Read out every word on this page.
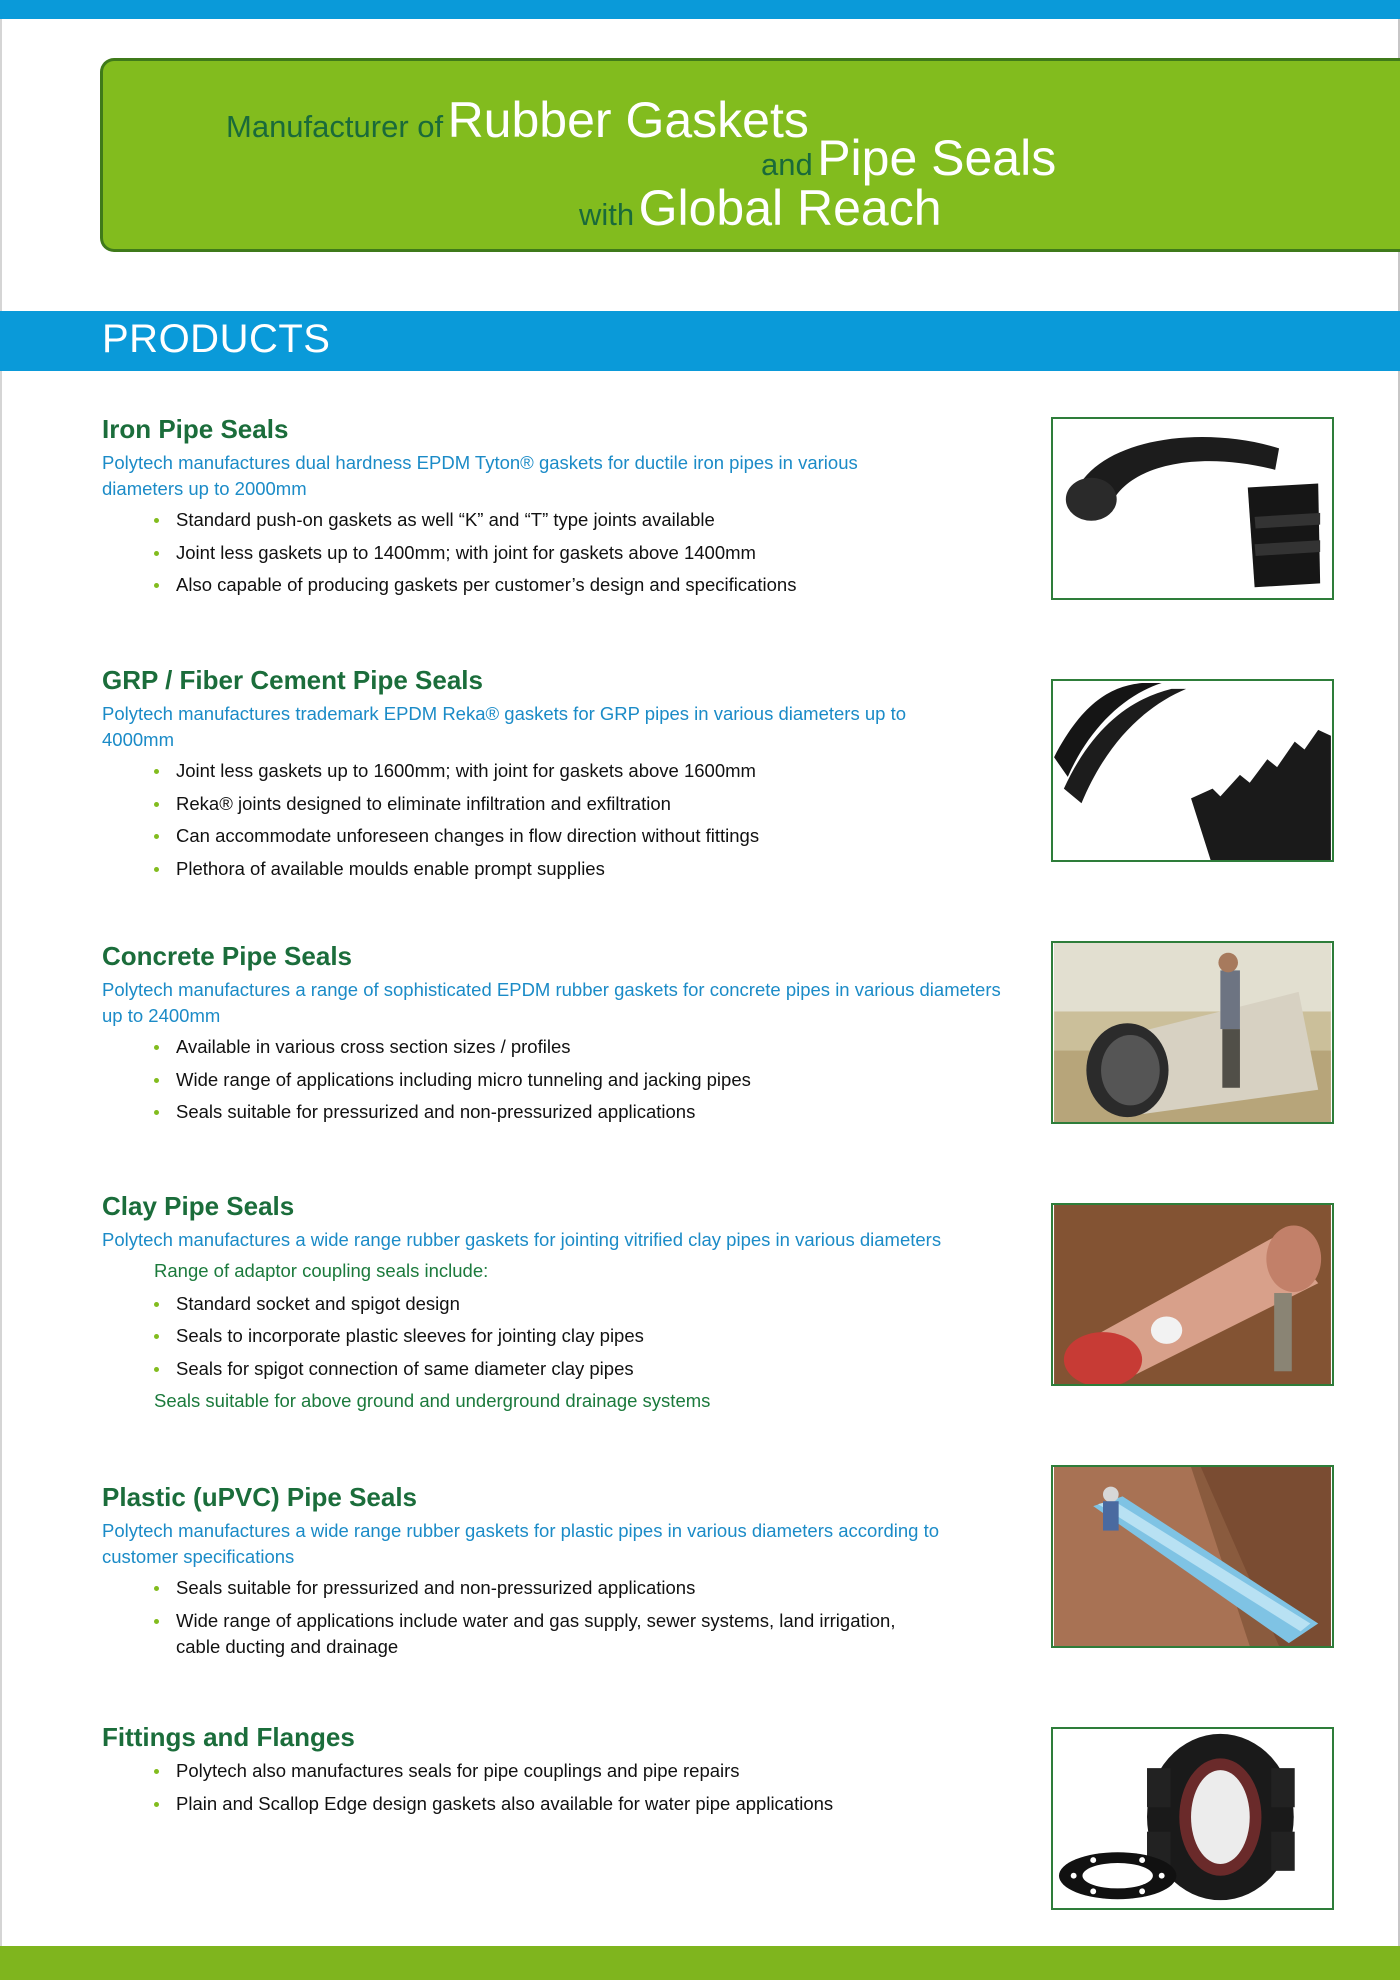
Manufacturer of Rubber Gaskets
and Pipe Seals
with Global Reach
PRODUCTS
Iron Pipe Seals

Polytech manufactures dual hardness EPDM Tyton® gaskets for ductile iron pipes in various diameters up to 2000mm

Standard push-on gaskets as well “K” and “T” type joints available
Joint less gaskets up to 1400mm; with joint for gaskets above 1400mm
Also capable of producing gaskets per customer’s design and specifications
GRP / Fiber Cement Pipe Seals

Polytech manufactures trademark EPDM Reka® gaskets for GRP pipes in various diameters up to 4000mm

Joint less gaskets up to 1600mm; with joint for gaskets above 1600mm
Reka® joints designed to eliminate infiltration and exfiltration
Can accommodate unforeseen changes in flow direction without fittings
Plethora of available moulds enable prompt supplies
Concrete Pipe Seals

Polytech manufactures a range of sophisticated EPDM rubber gaskets for concrete pipes in various diameters up to 2400mm

Available in various cross section sizes / profiles
Wide range of applications including micro tunneling and jacking pipes
Seals suitable for pressurized and non-pressurized applications
Clay Pipe Seals

Polytech manufactures a wide range rubber gaskets for jointing vitrified clay pipes in various diameters

Range of adaptor coupling seals include:

Standard socket and spigot design
Seals to incorporate plastic sleeves for jointing clay pipes
Seals for spigot connection of same diameter clay pipes

Seals suitable for above ground and underground drainage systems

Plastic (uPVC) Pipe Seals

Polytech manufactures a wide range rubber gaskets for plastic pipes in various diameters according to customer specifications

Seals suitable for pressurized and non-pressurized applications
Wide range of applications include water and gas supply, sewer systems, land irrigation, cable ducting and drainage
Fittings and Flanges
Polytech also manufactures seals for pipe couplings and pipe repairs
Plain and Scallop Edge design gaskets also available for water pipe applications
